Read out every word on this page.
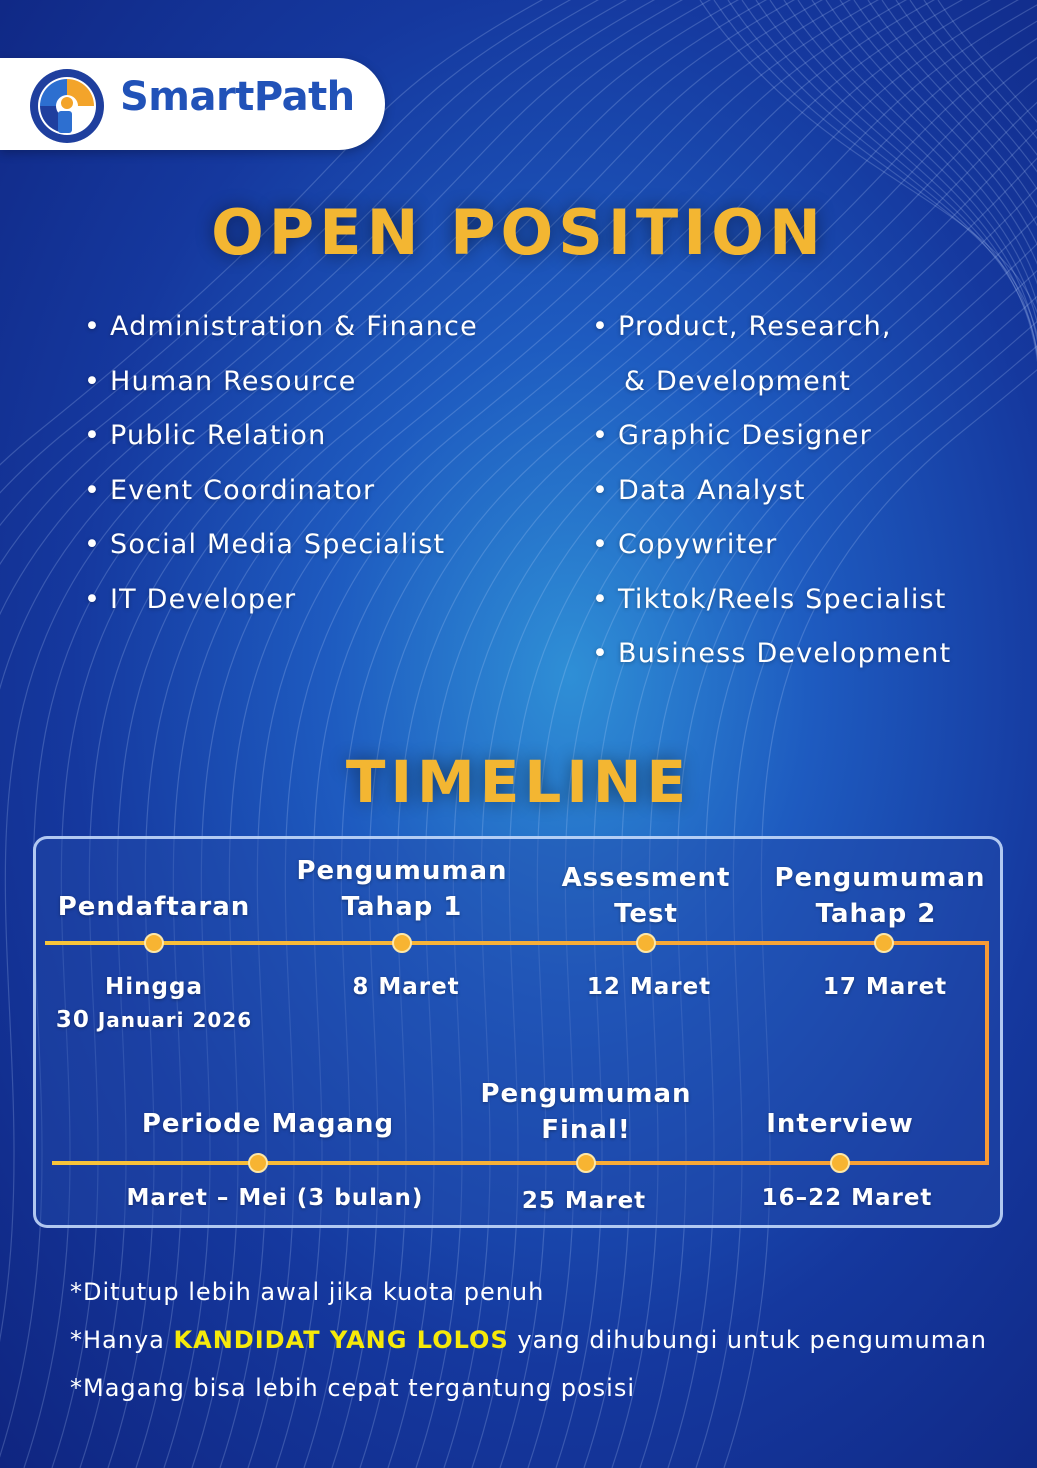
SmartPath
OPEN POSITION
• Administration & Finance
• Human Resource
• Public Relation
• Event Coordinator
• Social Media Specialist
• IT Developer
• Product, Research,
& Development
• Graphic Designer
• Data Analyst
• Copywriter
• Tiktok/Reels Specialist
• Business Development
TIMELINE
Pendaftaran
Hingga
30 Januari 2026
Pengumuman
Tahap 1
8 Maret
Assesment
Test
12 Maret
Pengumuman
Tahap 2
17 Maret
Interview
16–22 Maret
Pengumuman
Final!
25 Maret
Periode Magang
Maret – Mei (3 bulan)
*Ditutup lebih awal jika kuota penuh
*Hanya KANDIDAT YANG LOLOS yang dihubungi untuk pengumuman
*Magang bisa lebih cepat tergantung posisi
